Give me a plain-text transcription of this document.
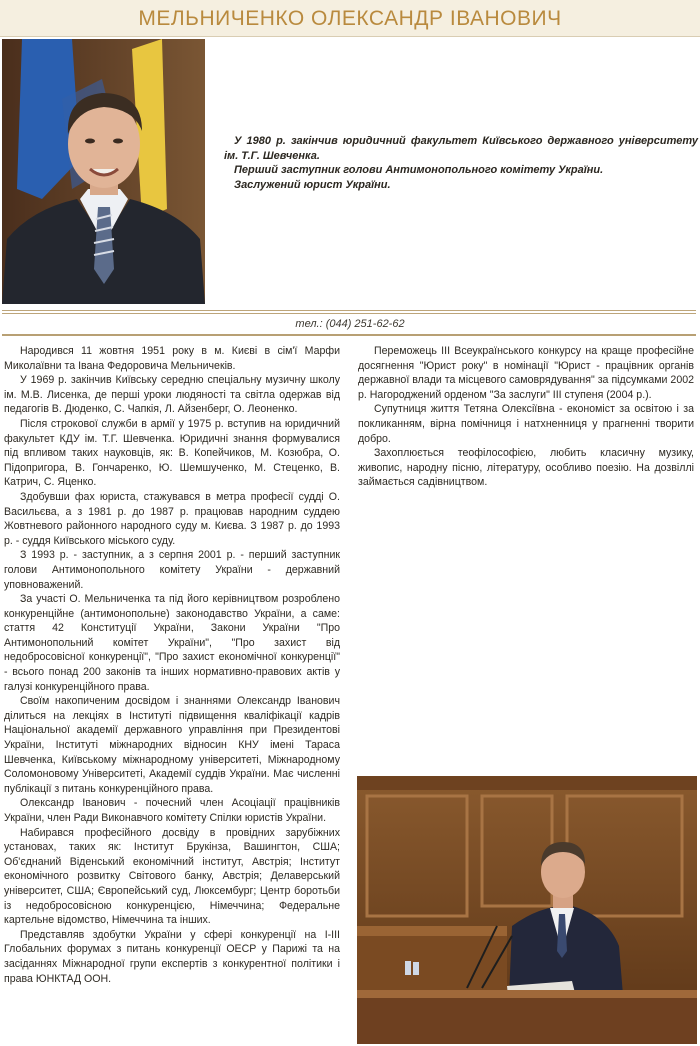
МЕЛЬНИЧЕНКО ОЛЕКСАНДР ІВАНОВИЧ

У 1980 р. закінчив юридичний факультет Київського державного університету ім. Т.Г. Шевченка.

Перший заступник голови Антимонопольного комітету України.

Заслужений юрист України.

тел.: (044) 251-62-62

Народився 11 жовтня 1951 року в м. Києві в сім'ї Марфи Миколаївни та Івана Федоровича Мельничеків.

У 1969 р. закінчив Київську середню спеціальну музичну школу ім. М.В. Лисенка, де перші уроки людяності та світла одержав від педагогів В. Дюденко, С. Чапкія, Л. Айзенберг, О. Леоненко.

Після строкової служби в армії у 1975 р. вступив на юридичний факультет КДУ ім. Т.Г. Шевченка. Юридичні знання формувалися під впливом таких науковців, як: В. Копейчиков, М. Козюбра, О. Підопригора, В. Гончаренко, Ю. Шемшученко, М. Стеценко, В. Катрич, С. Яценко.

Здобувши фах юриста, стажувався в метра професії судді О. Васильєва, а з 1981 р. до 1987 р. працював народним суддею Жовтневого районного народного суду м. Києва. З 1987 р. до 1993 р. - суддя Київського міського суду.

З 1993 р. - заступник, а з серпня 2001 р. - перший заступник голови Антимонопольного комітету України - державний уповноважений.

За участі О. Мельниченка та під його керівництвом розроблено конкуренційне (антимонопольне) законодавство України, а саме: стаття 42 Конституції України, Закони України "Про Антимонопольний комітет України", "Про захист від недобросовісної конкуренції", "Про захист економічної конкуренції" - всього понад 200 законів та інших нормативно-правових актів у галузі конкуренційного права.

Своїм накопиченим досвідом і знаннями Олександр Іванович ділиться на лекціях в Інституті підвищення кваліфікації кадрів Національної академії державного управління при Президентові України, Інституті міжнародних відносин КНУ імені Тараса Шевченка, Київському міжнародному університеті, Міжнародному Соломоновому Університеті, Академії суддів України. Має численні публікації з питань конкуренційного права.

Олександр Іванович - почесний член Асоціації працівників України, член Ради Виконавчого комітету Спілки юристів України.

Набирався професійного досвіду в провідних зарубіжних установах, таких як: Інститут Брукінза, Вашингтон, США; Об'єднаний Віденський економічний інститут, Австрія; Інститут економічного розвитку Світового банку, Австрія; Делаверський університет, США; Європейський суд, Люксембург; Центр боротьби із недобросовісною конкуренцією, Німеччина; Федеральне картельне відомство, Німеччина та інших.

Представляв здобутки України у сфері конкуренції на I-III Глобальних форумах з питань конкуренції ОЕСР у Парижі та на засіданнях Міжнародної групи експертів з конкурентної політики і права ЮНКТАД ООН.

Переможець III Всеукраїнського конкурсу на краще професійне досягнення "Юрист року" в номінації "Юрист - працівник органів державної влади та місцевого самоврядування" за підсумками 2002 р. Нагороджений орденом "За заслуги" III ступеня (2004 р.).

Супутниця життя Тетяна Олексіївна - економіст за освітою і за покликанням, вірна помічниця і натхненниця у прагненні творити добро.

Захоплюється теофілософією, любить класичну музику, живопис, народну пісню, літературу, особливо поезію. На дозвіллі займається садівництвом.
